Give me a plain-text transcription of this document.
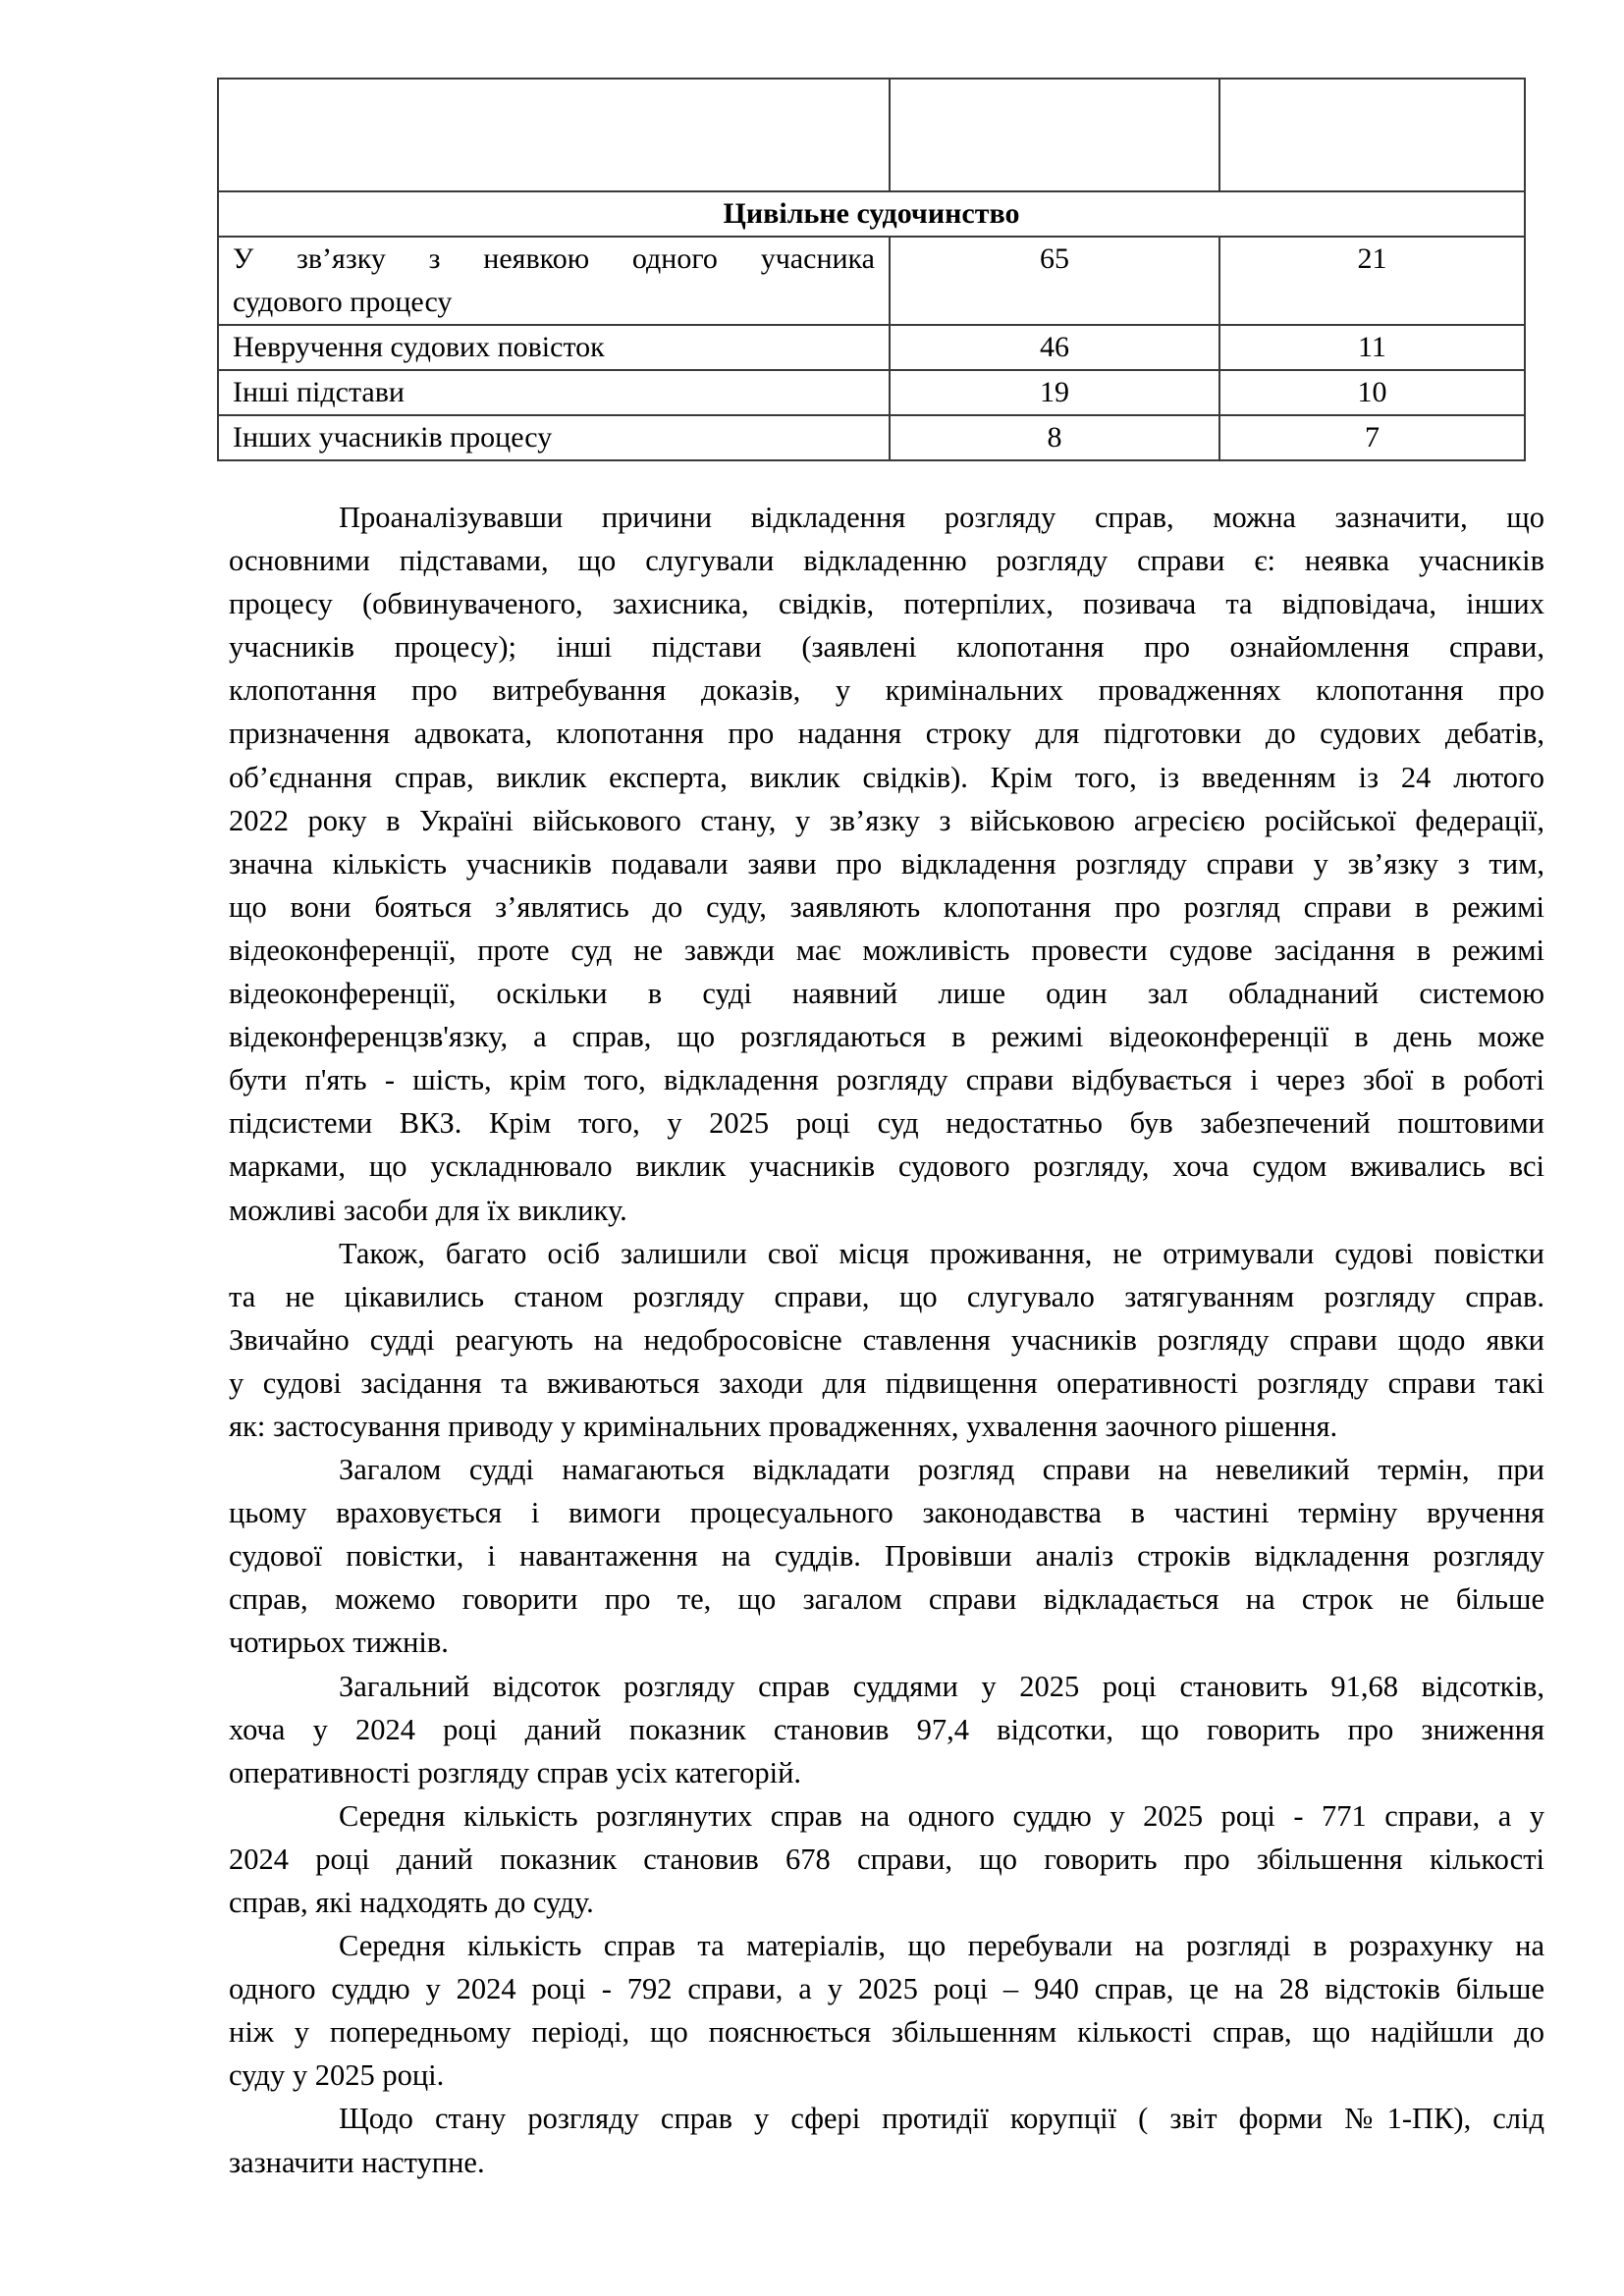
Цивільне судочинство		

У зв’язку з неявкою одного учасника
судового процесу	65	21

Невручення судових повісток	46	11

Інші підстави	19	10

Інших учасників процесу	8	7
Проаналізувавши причини відкладення розгляду справ, можна зазначити, що
основними підставами, що слугували відкладенню розгляду справи є: неявка учасників
процесу (обвинуваченого, захисника, свідків, потерпілих, позивача та відповідача, інших
учасників процесу); інші підстави (заявлені клопотання про ознайомлення справи,
клопотання про витребування доказів, у кримінальних провадженнях клопотання про
призначення адвоката, клопотання про надання строку для підготовки до судових дебатів,
об’єднання справ, виклик експерта, виклик свідків). Крім того, із введенням із 24 лютого
2022 року в Україні військового стану, у зв’язку з військовою агресією російської федерації,
значна кількість учасників подавали заяви про відкладення розгляду справи у зв’язку з тим,
що вони бояться з’являтись до суду, заявляють клопотання про розгляд справи в режимі
відеоконференції, проте суд не завжди має можливість провести судове засідання в режимі
відеоконференції, оскільки в суді наявний лише один зал обладнаний системою
відеконференцзв'язку, а справ, що розглядаються в режимі відеоконференції в день може
бути п'ять - шість, крім того, відкладення розгляду справи відбувається і через збої в роботі
підсистеми ВКЗ. Крім того, у 2025 році суд недостатньо був забезпечений поштовими
марками, що ускладнювало виклик учасників судового розгляду, хоча судом вживались всі
можливі засоби для їх виклику.
Також, багато осіб залишили свої місця проживання, не отримували судові повістки
та не цікавились станом розгляду справи, що слугувало затягуванням розгляду справ.
Звичайно судді реагують на недобросовісне ставлення учасників розгляду справи щодо явки
у судові засідання та вживаються заходи для підвищення оперативності розгляду справи такі
як: застосування приводу у кримінальних провадженнях, ухвалення заочного рішення.
Загалом судді намагаються відкладати розгляд справи на невеликий термін, при
цьому враховується і вимоги процесуального законодавства в частині терміну вручення
судової повістки, і навантаження на суддів. Провівши аналіз строків відкладення розгляду
справ, можемо говорити про те, що загалом справи відкладається на строк не більше
чотирьох тижнів.
Загальний відсоток розгляду справ суддями у 2025 році становить 91,68 відсотків,
хоча у 2024 році даний показник становив 97,4 відсотки, що говорить про зниження
оперативності розгляду справ усіх категорій.
Середня кількість розглянутих справ на одного суддю у 2025 році - 771 справи, а у
2024 році даний показник становив 678 справи, що говорить про збільшення кількості
справ, які надходять до суду.
Середня кількість справ та матеріалів, що перебували на розгляді в розрахунку на
одного суддю у 2024 році - 792 справи, а у 2025 році – 940 справ, це на 28 відстоків більше
ніж у попередньому періоді, що пояснюється збільшенням кількості справ, що надійшли до
суду у 2025 році.
Щодо стану розгляду справ у сфері протидії корупції ( звіт форми №1-ПК), слід
зазначити наступне.
